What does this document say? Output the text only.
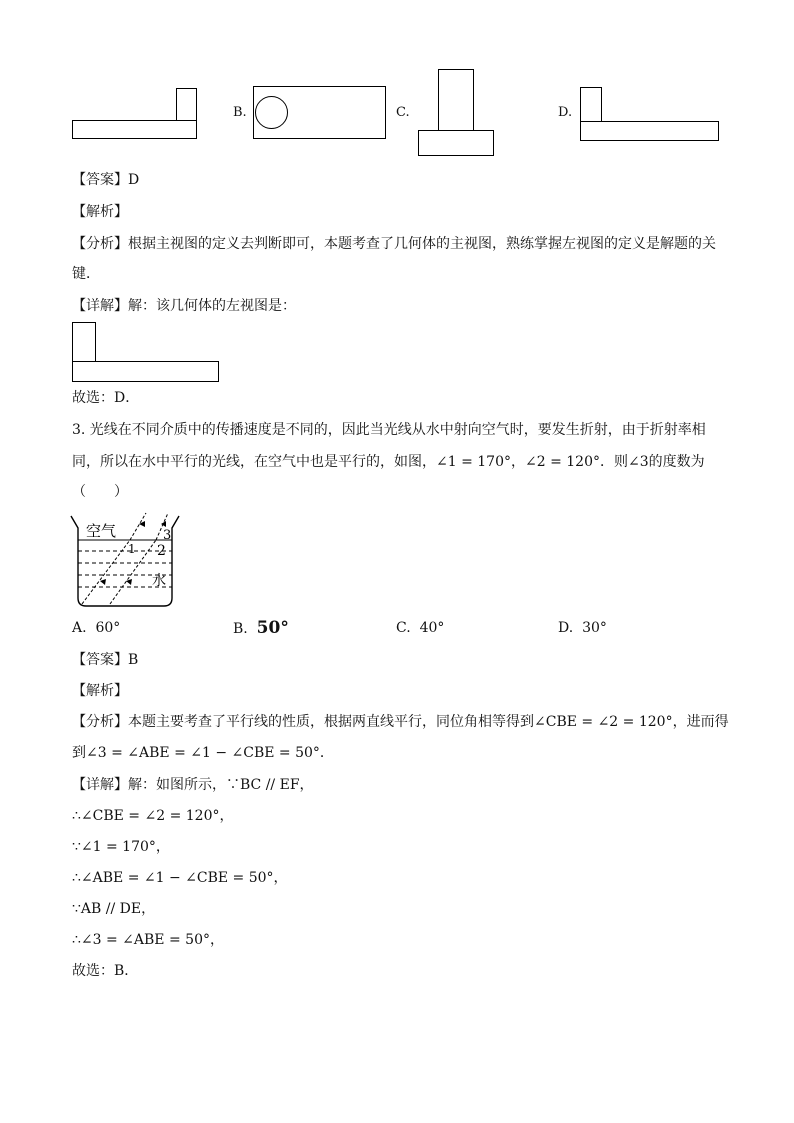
B.	C.	D.
【答案】D
【解析】
【分析】根据主视图的定义去判断即可，本题考查了几何体的主视图，熟练掌握左视图的定义是解题的关
键．
【详解】解：该几何体的左视图是：
故选：D．
3. 光线在不同介质中的传播速度是不同的，因此当光线从水中射向空气时，要发生折射，由于折射率相
同，所以在水中平行的光线，在空气中也是平行的，如图，∠1 = 170°，∠2 = 120°．则∠3的度数为
（　　）
空气
水
1 2
3
A. 60°	B. 50°	C. 40°	D. 30°
【答案】B
【解析】
【分析】本题主要考查了平行线的性质，根据两直线平行，同位角相等得到∠CBE = ∠2 = 120°，进而得
到∠3 = ∠ABE = ∠1 − ∠CBE = 50°．
【详解】解：如图所示，∵BC // EF，
∴∠CBE = ∠2 = 120°，
∵∠1 = 170°，
∴∠ABE = ∠1 − ∠CBE = 50°，
∵AB // DE，
∴∠3 = ∠ABE = 50°，
故选：B．
